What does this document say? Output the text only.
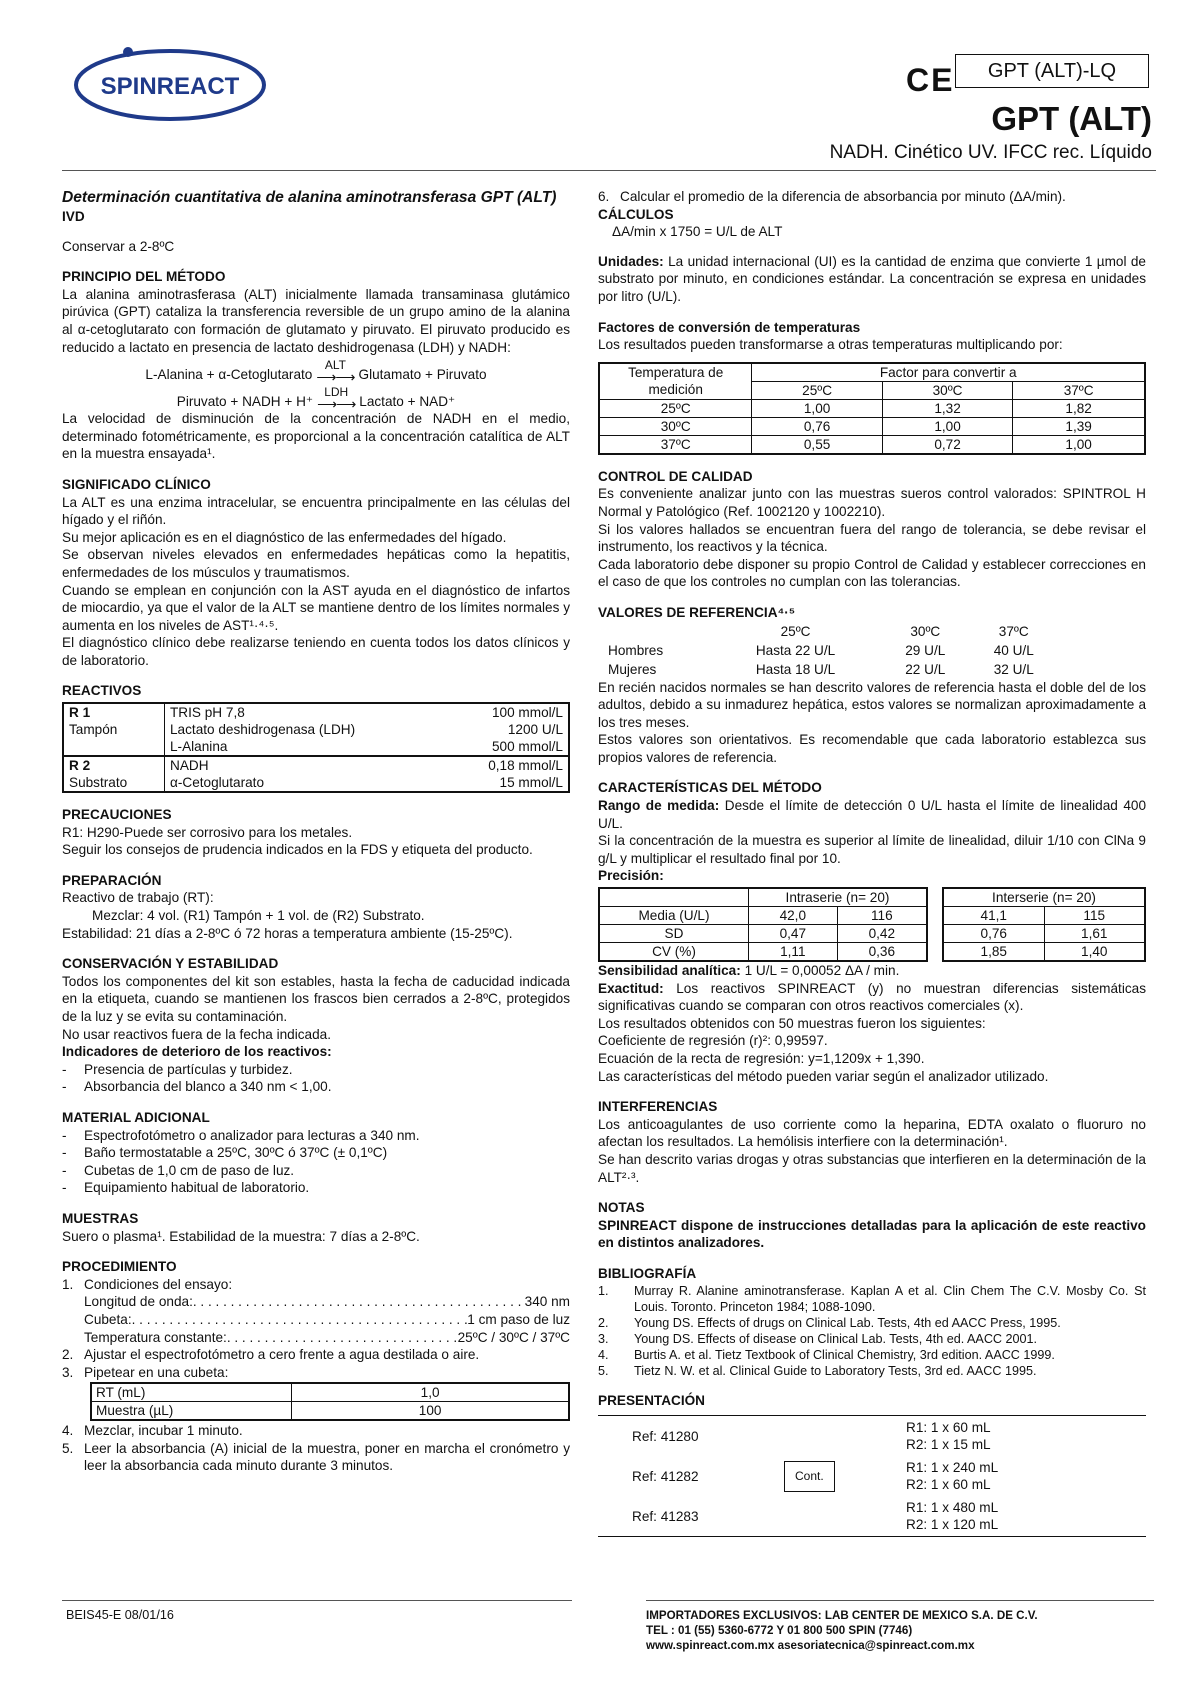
SPINREACT	CE	GPT (ALT)-LQ
GPT (ALT)
NADH. Cinético UV. IFCC rec. Líquido
Determinación cuantitativa de alanina aminotransferasa GPT (ALT)
IVD
Conservar a 2-8ºC
PRINCIPIO DEL MÉTODO

La alanina aminotrasferasa (ALT) inicialmente llamada transaminasa glutámico pirúvica (GPT) cataliza la transferencia reversible de un grupo amino de la alanina al α-cetoglutarato con formación de glutamato y piruvato. El piruvato producido es reducido a lactato en presencia de lactato deshidrogenasa (LDH) y NADH:

L-Alanina + α-Cetoglutarato
ALT
⟶⟶ Glutamato + Piruvato
Piruvato + NADH + H⁺
LDH
⟶⟶ Lactato + NAD⁺

La velocidad de disminución de la concentración de NADH en el medio, determinado fotométricamente, es proporcional a la concentración catalítica de ALT en la muestra ensayada¹.

SIGNIFICADO CLÍNICO

La ALT es una enzima intracelular, se encuentra principalmente en las células del hígado y el riñón.

Su mejor aplicación es en el diagnóstico de las enfermedades del hígado.

Se observan niveles elevados en enfermedades hepáticas como la hepatitis, enfermedades de los músculos y traumatismos.

Cuando se emplean en conjunción con la AST ayuda en el diagnóstico de infartos de miocardio, ya que el valor de la ALT se mantiene dentro de los límites normales y aumenta en los niveles de AST¹·⁴·⁵.

El diagnóstico clínico debe realizarse teniendo en cuenta todos los datos clínicos y de laboratorio.

REACTIVOS
R 1
Tampón	TRIS pH 7,8	100 mmol/L
	Lactato deshidrogenasa (LDH)	1200 U/L
	L-Alanina	500 mmol/L
R 2
Substrato	NADH	0,18 mmol/L
	α-Cetoglutarato	15 mmol/L
PRECAUCIONES

R1: H290-Puede ser corrosivo para los metales.

Seguir los consejos de prudencia indicados en la FDS y etiqueta del producto.

PREPARACIÓN

Reactivo de trabajo (RT):

Mezclar: 4 vol. (R1) Tampón + 1 vol. de (R2) Substrato.

Estabilidad: 21 días a 2-8ºC ó 72 horas a temperatura ambiente (15-25ºC).

CONSERVACIÓN Y ESTABILIDAD

Todos los componentes del kit son estables, hasta la fecha de caducidad indicada en la etiqueta, cuando se mantienen los frascos bien cerrados a 2-8ºC, protegidos de la luz y se evita su contaminación.

No usar reactivos fuera de la fecha indicada.

Indicadores de deterioro de los reactivos:

-	Presencia de partículas y turbidez.
-	Absorbancia del blanco a 340 nm < 1,00.
MATERIAL ADICIONAL
-	Espectrofotómetro o analizador para lecturas a 340 nm.
-	Baño termostatable a 25ºC, 30ºC ó 37ºC (± 0,1ºC)
-	Cubetas de 1,0 cm de paso de luz.
-	Equipamiento habitual de laboratorio.
MUESTRAS

Suero o plasma¹. Estabilidad de la muestra: 7 días a 2-8ºC.

PROCEDIMIENTO
1. Condiciones del ensayo:
Longitud de onda: . . .	340 nm
Cubeta: . . .	1 cm paso de luz
Temperatura constante: . . .	25ºC / 30ºC / 37ºC
2. Ajustar el espectrofotómetro a cero frente a agua destilada o aire.
3. Pipetear en una cubeta:
RT (mL)	1,0
Muestra (µL)	100
4. Mezclar, incubar 1 minuto.
5. Leer la absorbancia (A) inicial de la muestra, poner en marcha el cronómetro y leer la absorbancia cada minuto durante 3 minutos.
6. Calcular el promedio de la diferencia de absorbancia por minuto (ΔA/min).
CÁLCULOS

ΔA/min x 1750 = U/L de ALT

Unidades: La unidad internacional (UI) es la cantidad de enzima que convierte 1 µmol de substrato por minuto, en condiciones estándar. La concentración se expresa en unidades por litro (U/L).

Factores de conversión de temperaturas

Los resultados pueden transformarse a otras temperaturas multiplicando por:

Temperatura de medición	Factor para convertir a		
	25ºC	30ºC	37ºC
25ºC	1,00	1,32	1,82
30ºC	0,76	1,00	1,39
37ºC	0,55	0,72	1,00
CONTROL DE CALIDAD

Es conveniente analizar junto con las muestras sueros control valorados: SPINTROL H Normal y Patológico (Ref. 1002120 y 1002210).

Si los valores hallados se encuentran fuera del rango de tolerancia, se debe revisar el instrumento, los reactivos y la técnica.

Cada laboratorio debe disponer su propio Control de Calidad y establecer correcciones en el caso de que los controles no cumplan con las tolerancias.

VALORES DE REFERENCIA⁴·⁵
	25ºC	30ºC	37ºC
Hombres	Hasta 22 U/L	29 U/L	40 U/L
Mujeres	Hasta 18 U/L	22 U/L	32 U/L

En recién nacidos normales se han descrito valores de referencia hasta el doble del de los adultos, debido a su inmadurez hepática, estos valores se normalizan aproximadamente a los tres meses.

Estos valores son orientativos. Es recomendable que cada laboratorio establezca sus propios valores de referencia.

CARACTERÍSTICAS DEL MÉTODO

Rango de medida: Desde el límite de detección 0 U/L hasta el límite de linealidad 400 U/L.

Si la concentración de la muestra es superior al límite de linealidad, diluir 1/10 con ClNa 9 g/L y multiplicar el resultado final por 10.

Precisión:

	Intraserie (n= 20)	
Media (U/L)	42,0	116
SD	0,47	0,42
CV (%)	1,11	0,36
Interserie (n= 20)	
41,1	115
0,76	1,61
1,85	1,40

Sensibilidad analítica: 1 U/L = 0,00052 ΔA / min.

Exactitud: Los reactivos SPINREACT (y) no muestran diferencias sistemáticas significativas cuando se comparan con otros reactivos comerciales (x).

Los resultados obtenidos con 50 muestras fueron los siguientes:

Coeficiente de regresión (r)²: 0,99597.

Ecuación de la recta de regresión: y=1,1209x + 1,390.

Las características del método pueden variar según el analizador utilizado.

INTERFERENCIAS

Los anticoagulantes de uso corriente como la heparina, EDTA oxalato o fluoruro no afectan los resultados. La hemólisis interfiere con la determinación¹.

Se han descrito varias drogas y otras substancias que interfieren en la determinación de la ALT²·³.

NOTAS

SPINREACT dispone de instrucciones detalladas para la aplicación de este reactivo en distintos analizadores.

BIBLIOGRAFÍA
1.	Murray R. Alanine aminotransferase. Kaplan A et al. Clin Chem The C.V. Mosby Co. St Louis. Toronto. Princeton 1984; 1088-1090.
2.	Young DS. Effects of drugs on Clinical Lab. Tests, 4th ed AACC Press, 1995.
3.	Young DS. Effects of disease on Clinical Lab. Tests, 4th ed. AACC 2001.
4.	Burtis A. et al. Tietz Textbook of Clinical Chemistry, 3rd edition. AACC 1999.
5.	Tietz N. W. et al. Clinical Guide to Laboratory Tests, 3rd ed. AACC 1995.
PRESENTACIÓN
Ref: 41280		R1: 1 x 60 mL
R2: 1 x 15 mL
Ref: 41282	Cont.	R1: 1 x 240 mL
R2: 1 x 60 mL
Ref: 41283		R1: 1 x 480 mL
R2: 1 x 120 mL
BEIS45-E 08/01/16	IMPORTADORES EXCLUSIVOS: LAB CENTER DE MEXICO S.A. DE C.V.
TEL : 01 (55) 5360-6772 Y 01 800 500 SPIN (7746)
www.spinreact.com.mx asesoriatecnica@spinreact.com.mx
